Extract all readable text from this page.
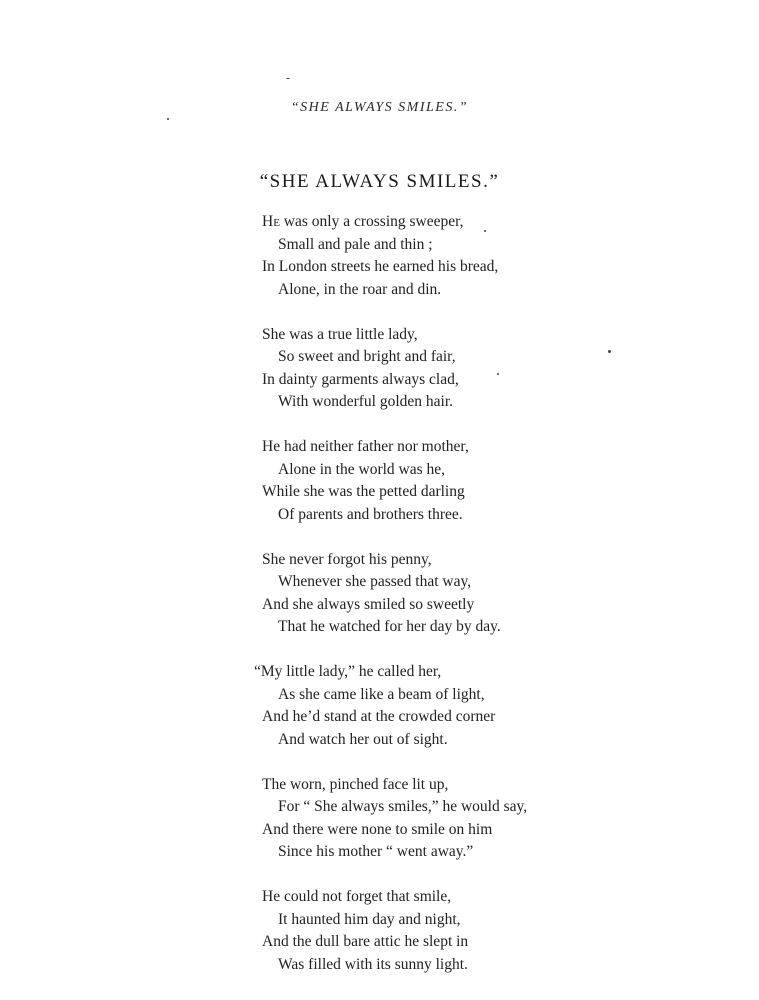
“SHE ALWAYS SMILES.”
“SHE ALWAYS SMILES.”
He was only a crossing sweeper,
Small and pale and thin ;
In London streets he earned his bread,
Alone, in the roar and din.
She was a true little lady,
So sweet and bright and fair,
In dainty garments always clad,
With wonderful golden hair.
He had neither father nor mother,
Alone in the world was he,
While she was the petted darling
Of parents and brothers three.
She never forgot his penny,
Whenever she passed that way,
And she always smiled so sweetly
That he watched for her day by day.
“My little lady,” he called her,
As she came like a beam of light,
And he’d stand at the crowded corner
And watch her out of sight.
The worn, pinched face lit up,
For “ She always smiles,” he would say,
And there were none to smile on him
Since his mother “ went away.”
He could not forget that smile,
It haunted him day and night,
And the dull bare attic he slept in
Was filled with its sunny light.
